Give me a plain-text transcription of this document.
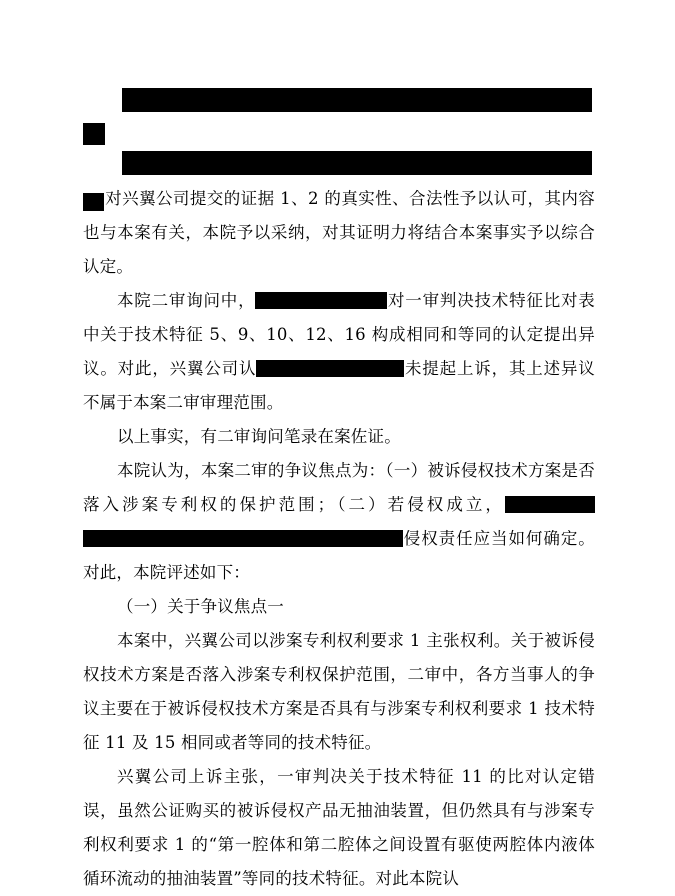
对兴翼公司提交的证据 1、2 的真实性、合法性予以认可，其内容也与本案有关，本院予以采纳，对其证明力将结合本案事实予以综合认定。

本院二审询问中，	对一审判决技术特征比对表中关于技术特征 5、9、10、12、16 构成相同和等同的认定提出异议。对此，兴翼公司认	未提起上诉，其上述异议不属于本案二审审理范围。

以上事实，有二审询问笔录在案佐证。

本院认为，本案二审的争议焦点为：（一）被诉侵权技术方案是否落入涉案专利权的保护范围；（二）若侵权成立，侵权责任应当如何确定。对此，本院评述如下：

（一）关于争议焦点一

本案中，兴翼公司以涉案专利权利要求 1 主张权利。关于被诉侵权技术方案是否落入涉案专利权保护范围，二审中，各方当事人的争议主要在于被诉侵权技术方案是否具有与涉案专利权利要求 1 技术特征 11 及 15 相同或者等同的技术特征。

兴翼公司上诉主张，一审判决关于技术特征 11 的比对认定错误，虽然公证购买的被诉侵权产品无抽油装置，但仍然具有与涉案专利权利要求 1 的“第一腔体和第二腔体之间设置有驱使两腔体内液体循环流动的抽油装置”等同的技术特征。对此本院认
